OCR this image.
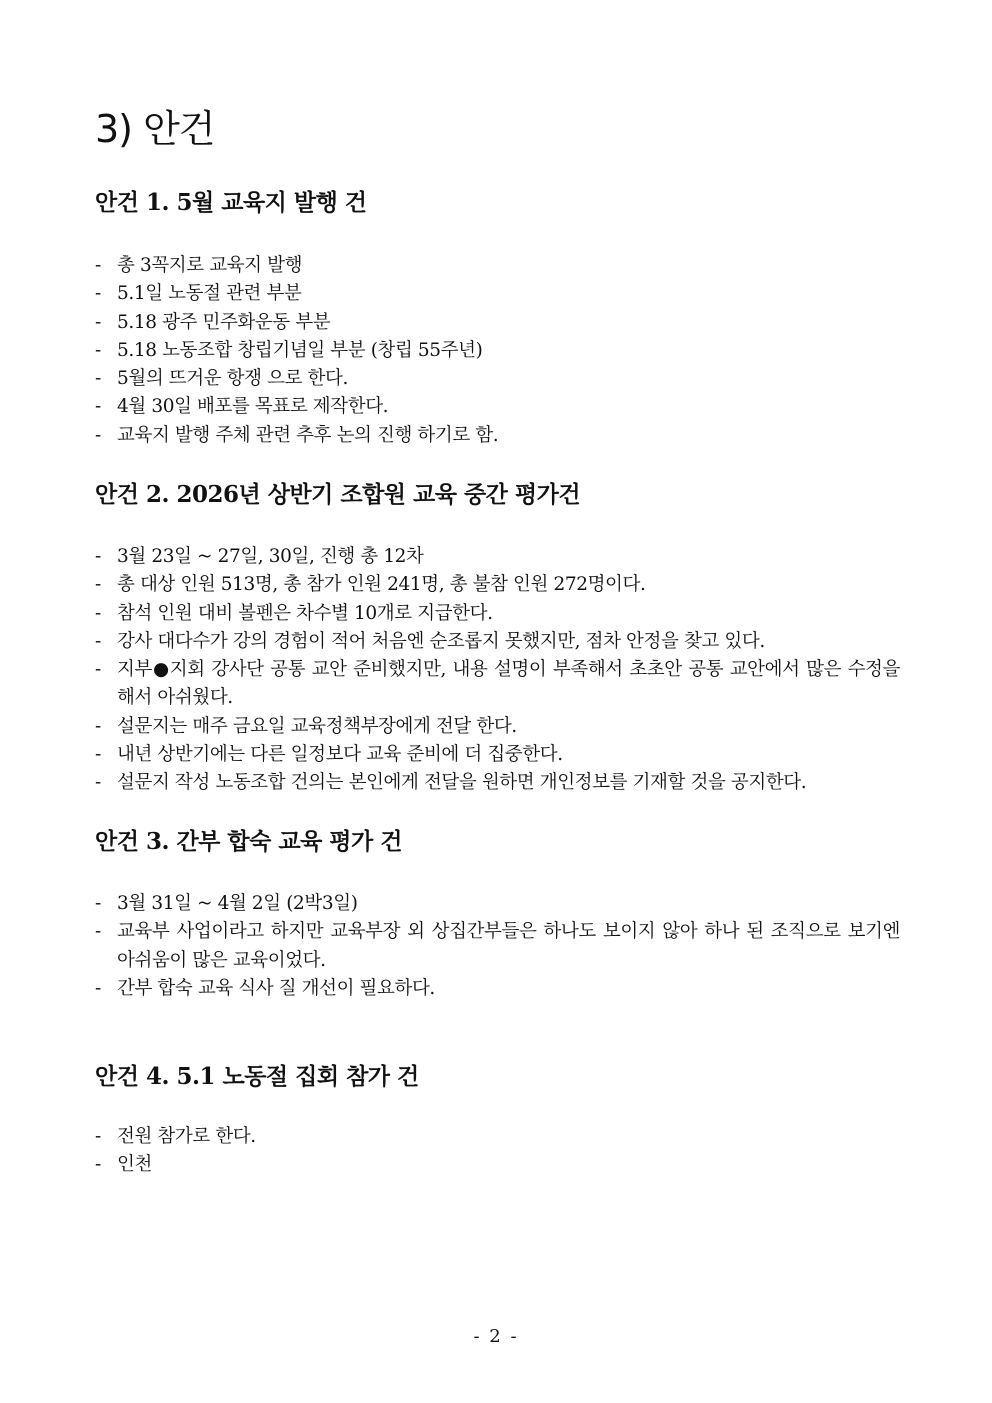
3) 안건
안건 1. 5월 교육지 발행 건
- 총 3꼭지로 교육지 발행
- 5.1일 노동절 관련 부분
- 5.18 광주 민주화운동 부분
- 5.18 노동조합 창립기념일 부분 (창립 55주년)
- 5월의 뜨거운 항쟁 으로 한다.
- 4월 30일 배포를 목표로 제작한다.
- 교육지 발행 주체 관련 추후 논의 진행 하기로 함.
안건 2. 2026년 상반기 조합원 교육 중간 평가건
- 3월 23일 ~ 27일, 30일, 진행 총 12차
- 총 대상 인원 513명, 총 참가 인원 241명, 총 불참 인원 272명이다.
- 참석 인원 대비 볼펜은 차수별 10개로 지급한다.
- 강사 대다수가 강의 경험이 적어 처음엔 순조롭지 못했지만, 점차 안정을 찾고 있다.
- 지부●지회 강사단 공통 교안 준비했지만, 내용 설명이 부족해서 초초안 공통 교안에서 많은 수정을 해서 아쉬웠다.
- 설문지는 매주 금요일 교육정책부장에게 전달 한다.
- 내년 상반기에는 다른 일정보다 교육 준비에 더 집중한다.
- 설문지 작성 노동조합 건의는 본인에게 전달을 원하면 개인정보를 기재할 것을 공지한다.
안건 3. 간부 합숙 교육 평가 건
- 3월 31일 ~ 4월 2일 (2박3일)
- 교육부 사업이라고 하지만 교육부장 외 상집간부들은 하나도 보이지 않아 하나 된 조직으로 보기엔 아쉬움이 많은 교육이었다.
- 간부 합숙 교육 식사 질 개선이 필요하다.
안건 4. 5.1 노동절 집회 참가 건
- 전원 참가로 한다.
- 인천
- 2 -
